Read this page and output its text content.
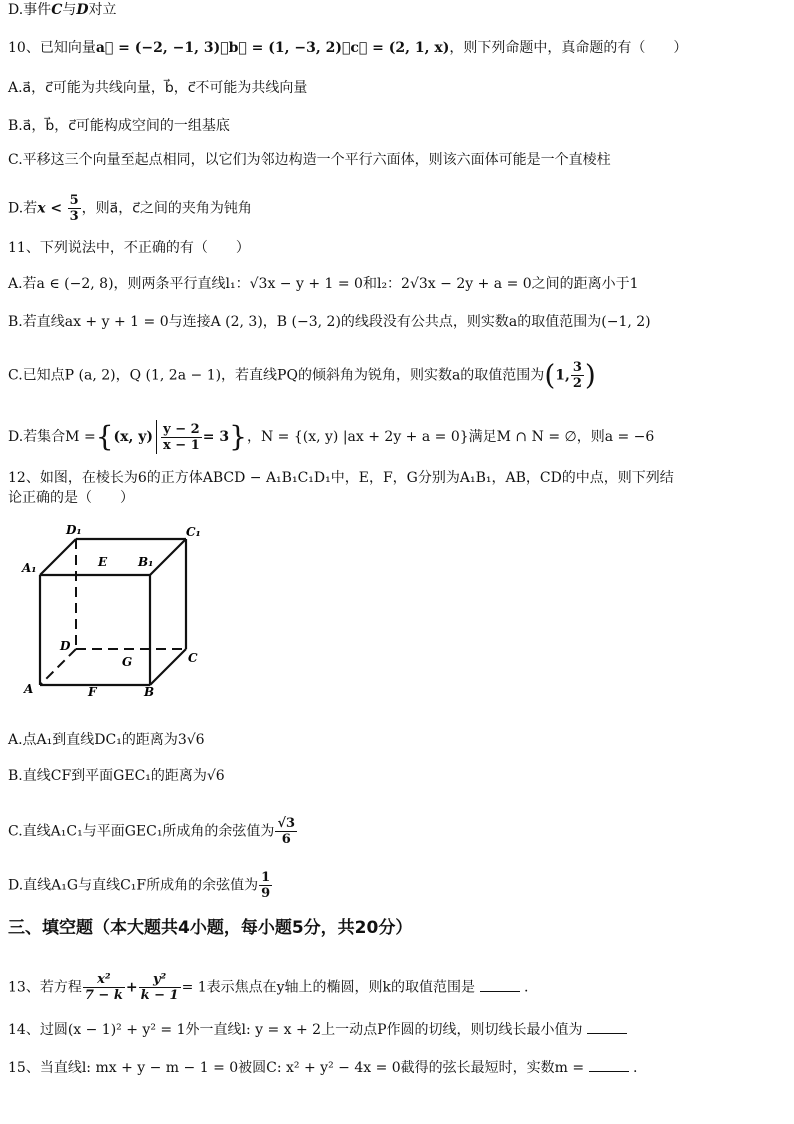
D.事件C与D对立
10、已知向量a⃗ = (−2, −1, 3)，b⃗ = (1, −3, 2)，c⃗ = (2, 1, x)，则下列命题中，真命题的有（　　）
A.a⃗，c⃗可能为共线向量，b⃗，c⃗不可能为共线向量
B.a⃗，b⃗，c⃗可能构成空间的一组基底
C.平移这三个向量至起点相同，以它们为邻边构造一个平行六面体，则该六面体可能是一个直棱柱
D.若$x < \frac{5}{3}$ ，则a⃗，c⃗之间的夹角为钝角
11、下列说法中，不正确的有（　　）
A.若a ∈ (−2, 8)，则两条平行直线l₁：√3x − y + 1 = 0和l₂：2√3x − 2y + a = 0之间的距离小于1
B.若直线ax + y + 1 = 0与连接A (2, 3)，B (−3, 2)的线段没有公共点，则实数a的取值范围为(−1, 2)
C.已知点P (a, 2)，Q (1, 2a − 1)，若直线PQ的倾斜角为锐角，则实数a的取值范围为(1, $\frac{3}{2}$ )
D.若集合M ={(x, $y) \frac{y - 2}{x - 1} = 3$}，N = {(x, y) |ax + 2y + a = 0}满足M ∩ N = ∅，则a = −6
12、如图，在棱长为6的正方体ABCD − A₁B₁C₁D₁中，E，F，G分别为A₁B₁，AB，CD的中点，则下列结
论正确的是（　　）
D₁	C₁
A₁	E	B₁
D
G	C
A	F	B
A.点A₁到直线DC₁的距离为3√6
B.直线CF到平面GEC₁的距离为√6
C.直线A₁C₁与平面GEC₁所成角的余弦值为 $\frac{√3}{6}$
D.直线A₁G与直线C₁F所成角的余弦值为 $\frac{1}{9}$
三、填空题（本大题共4小题，每小题5分，共20分）
13、若方程 $\frac{\text{x²}}{7 - k} + \frac{\text{y²}}{k - 1} = 1$表示焦点在y轴上的椭圆，则k的取值范围是	.
14、过圆(x − 1)² + y² = 1外一直线l: y = x + 2上一动点P作圆的切线，则切线长最小值为
15、当直线l: mx + y − m − 1 = 0被圆C: x² + y² − 4x = 0截得的弦长最短时，实数m =	.
